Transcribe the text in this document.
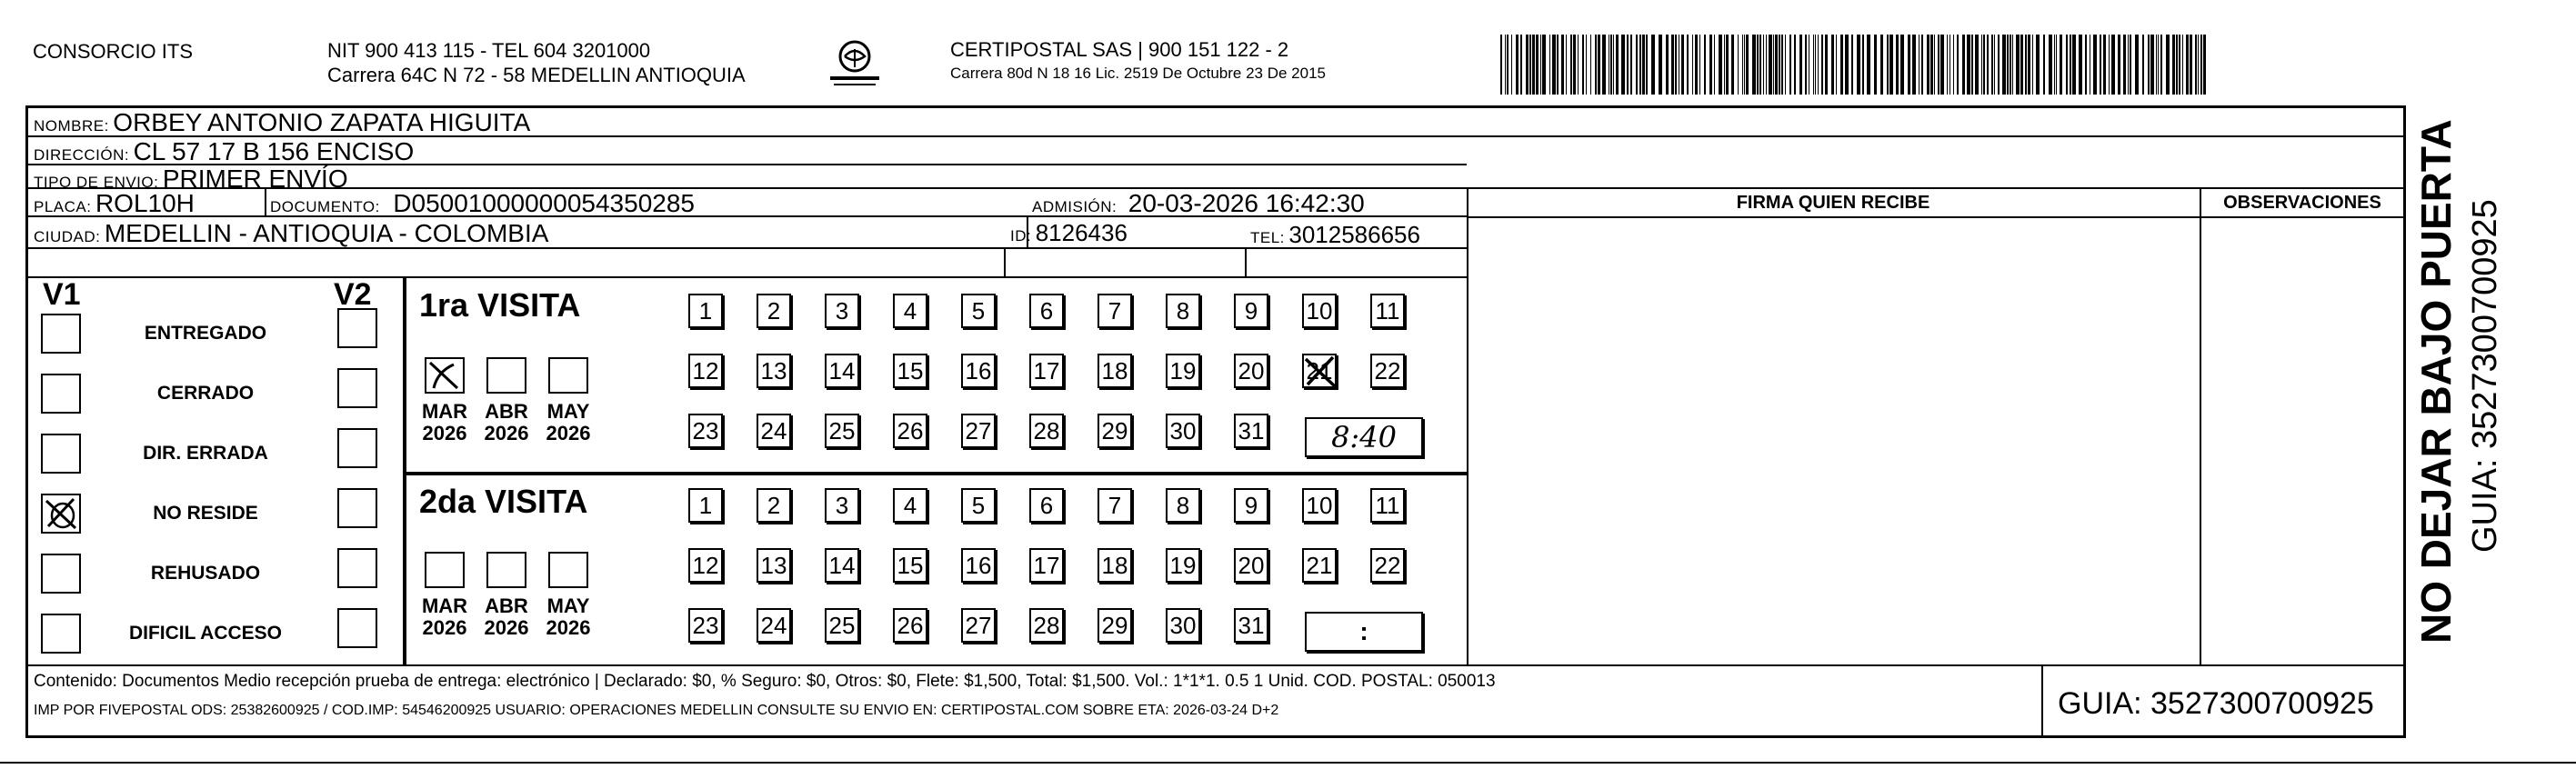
CONSORCIO ITS	NIT 900 413 115 - TEL 604 3201000
Carrera 64C N 72 - 58 MEDELLIN ANTIOQUIA
CERTIPOSTAL SAS | 900 151 122 - 2
Carrera 80d N 18 16 Lic. 2519 De Octubre 23 De 2015
NOMBRE: ORBEY ANTONIO ZAPATA HIGUITA
DIRECCIÓN: CL 57 17 B 156 ENCISO
TIPO DE ENVIO: PRIMER ENVÍO
PLACA: ROL10H	DOCUMENTO: D05001000000054350285	ADMISIÓN: 20-03-2026 16:42:30
CIUDAD: MEDELLIN - ANTIOQUIA - COLOMBIA	ID: 8126436	TEL: 3012586656
FIRMA QUIEN RECIBE	OBSERVACIONES
V1	V2
ENTREGADO
CERRADO
DIR. ERRADA
NO RESIDE
REHUSADO
DIFICIL ACCESO
1ra VISITA
MAR
2026
ABR
2026
MAY
2026
1	2	3	4	5	6	7	8	9	10 11
12 13 14 15 16 17 18 19 20 21 22
23 24 25 26 27 28 29 30 31	8:40
2da VISITA
MAR
2026
ABR
2026
MAY
2026
1	2	3	4	5	6	7	8	9	10 11
12 13 14 15 16 17 18 19 20 21 22
23 24 25 26 27 28 29 30 31	:
Contenido: Documentos Medio recepción prueba de entrega: electrónico | Declarado: $0, % Seguro: $0, Otros: $0, Flete: $1,500, Total: $1,500. Vol.: 1*1*1. 0.5 1 Unid. COD. POSTAL: 050013
IMP POR FIVEPOSTAL ODS: 25382600925 / COD.IMP: 54546200925 USUARIO: OPERACIONES MEDELLIN CONSULTE SU ENVIO EN: CERTIPOSTAL.COM SOBRE ETA: 2026-03-24 D+2	GUIA: 3527300700925
NO DEJAR BAJO PUERTA GUIA: 3527300700925
